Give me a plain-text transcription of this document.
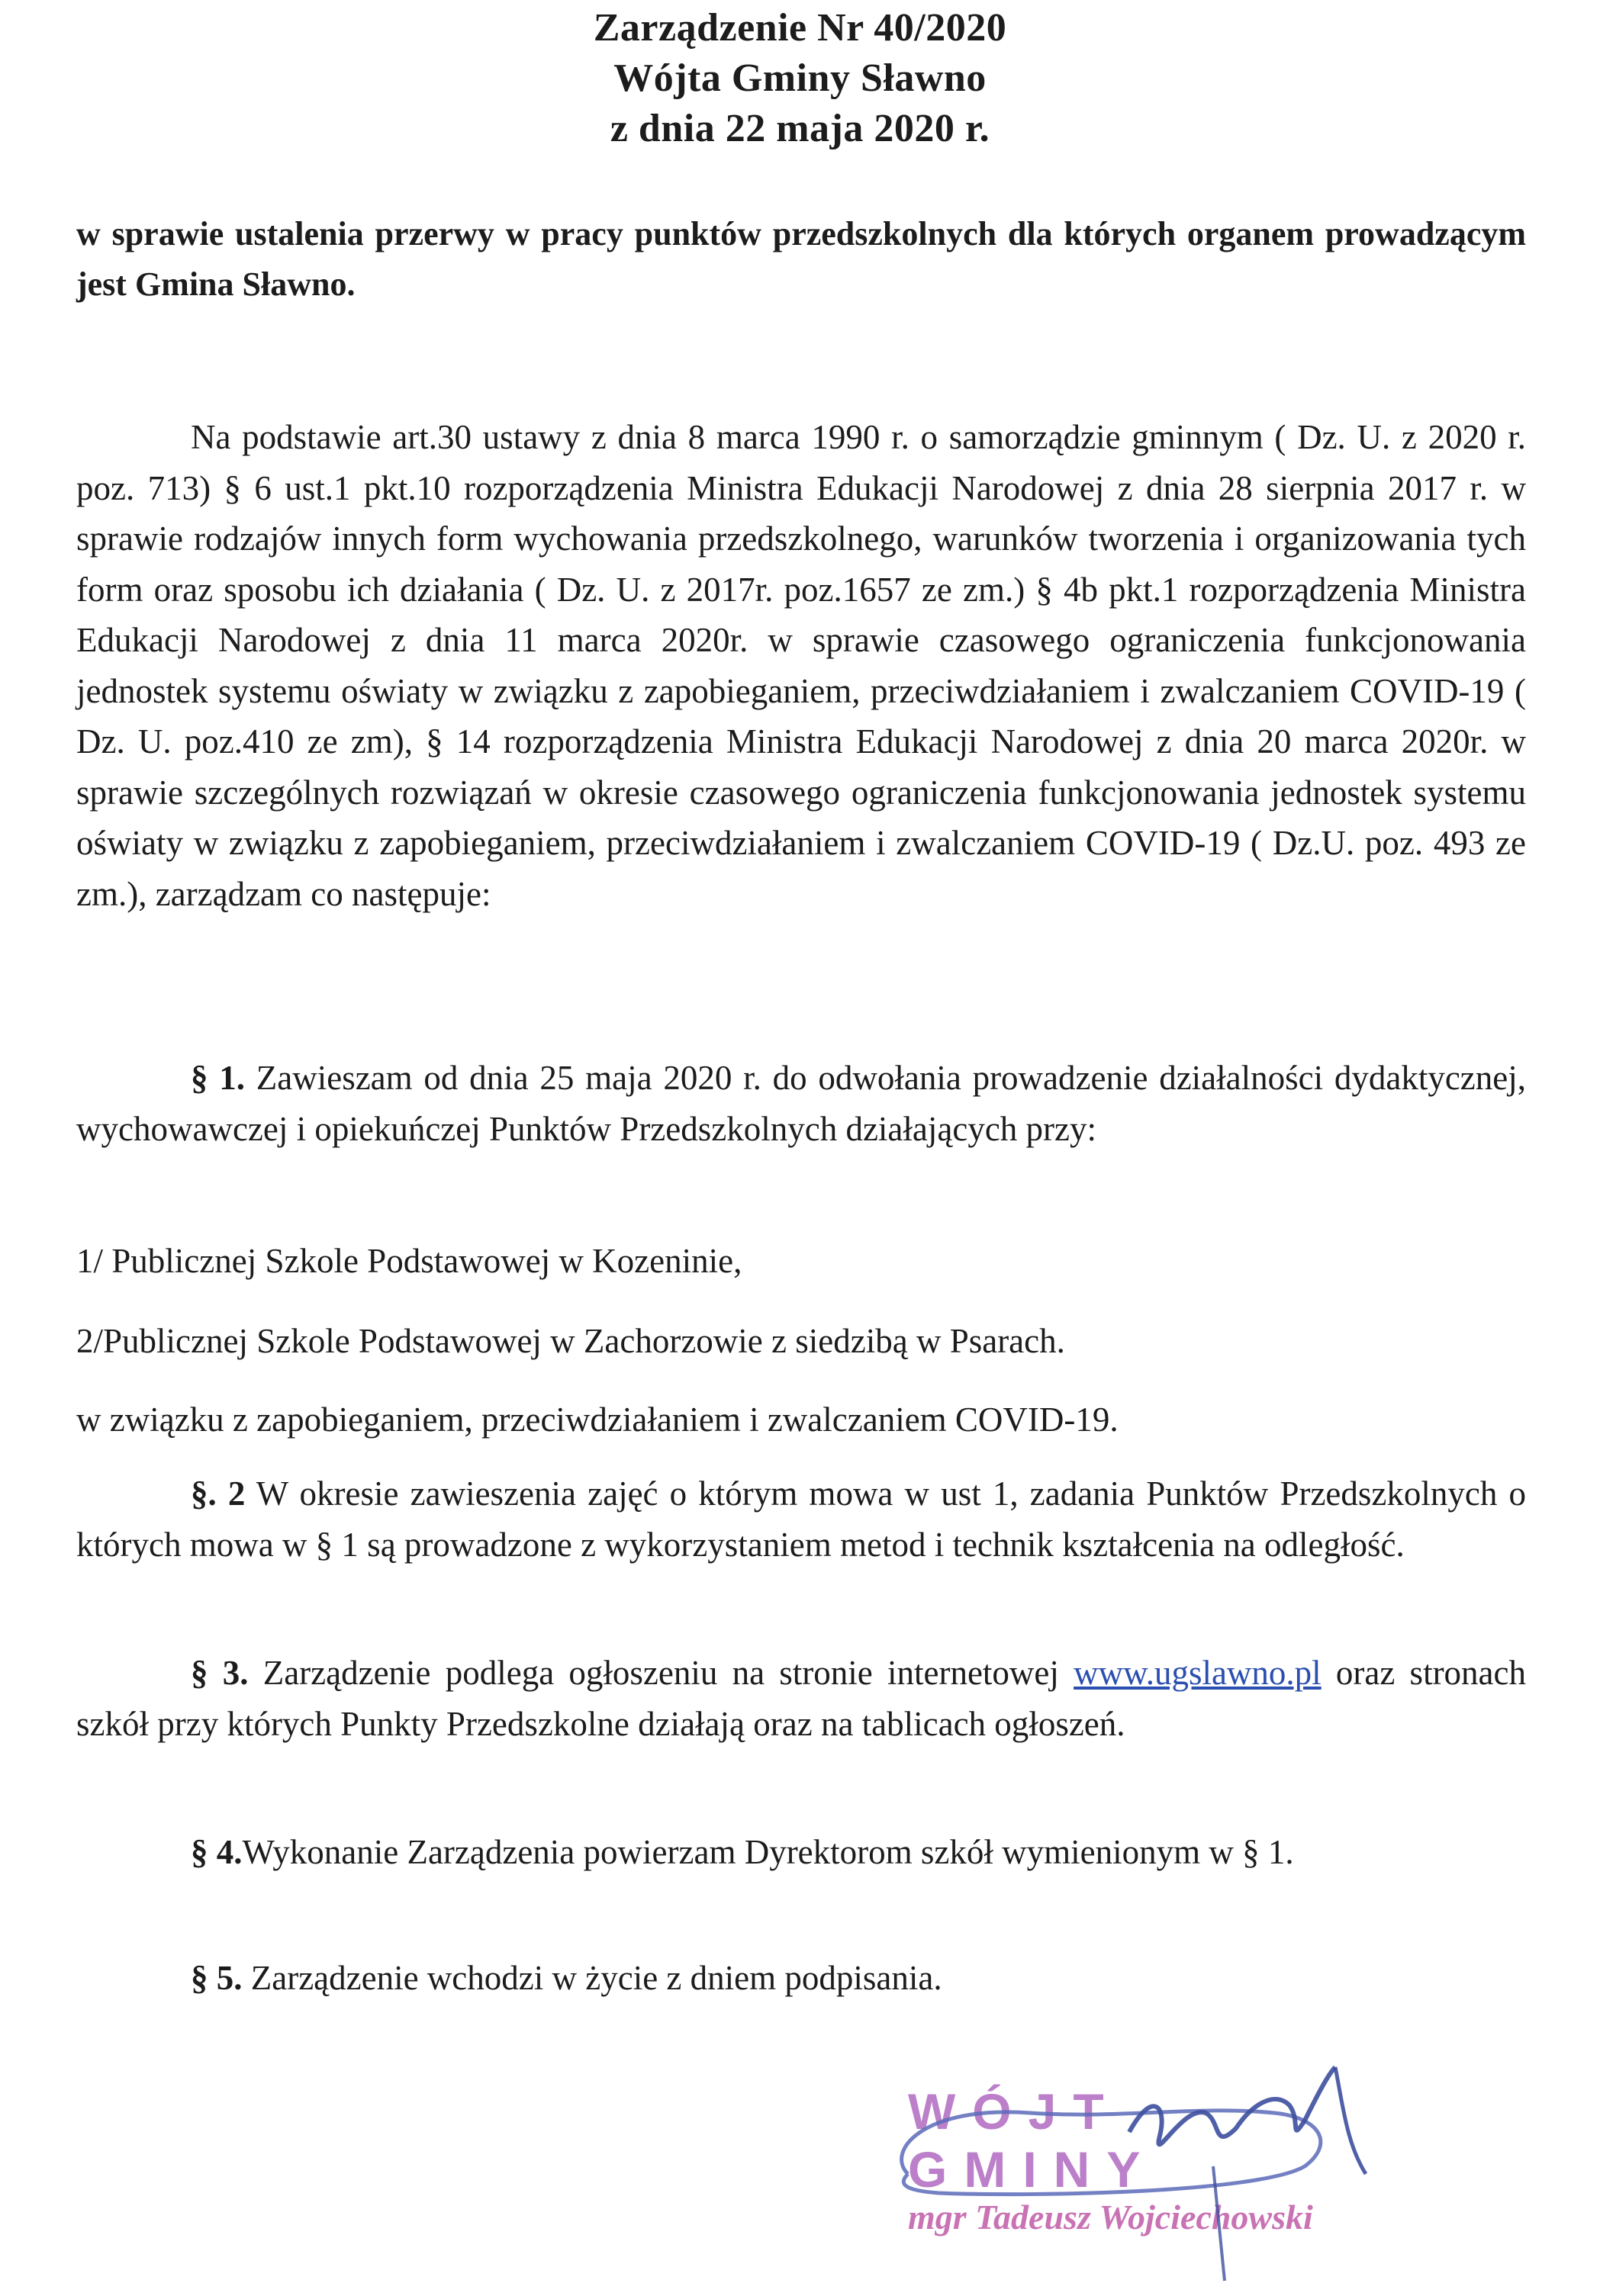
Zarządzenie Nr 40/2020
Wójta Gminy Sławno
z dnia 22 maja 2020 r.
w sprawie ustalenia przerwy w pracy punktów przedszkolnych dla których organem prowadzącym jest Gmina Sławno.
Na podstawie art.30 ustawy z dnia 8 marca 1990 r. o samorządzie gminnym ( Dz. U. z 2020 r. poz. 713) § 6 ust.1 pkt.10 rozporządzenia Ministra Edukacji Narodowej z dnia 28 sierpnia 2017 r. w sprawie rodzajów innych form wychowania przedszkolnego, warunków tworzenia i organizowania tych form oraz sposobu ich działania ( Dz. U. z 2017r. poz.1657 ze zm.) § 4b pkt.1 rozporządzenia Ministra Edukacji Narodowej z dnia 11 marca 2020r. w sprawie czasowego ograniczenia funkcjonowania jednostek systemu oświaty w związku z zapobieganiem, przeciwdziałaniem i zwalczaniem COVID-19 ( Dz. U. poz.410 ze zm), § 14 rozporządzenia Ministra Edukacji Narodowej z dnia 20 marca 2020r. w sprawie szczególnych rozwiązań w okresie czasowego ograniczenia funkcjonowania jednostek systemu oświaty w związku z zapobieganiem, przeciwdziałaniem i zwalczaniem COVID-19 ( Dz.U. poz. 493 ze zm.), zarządzam co następuje:
§ 1. Zawieszam od dnia 25 maja 2020 r. do odwołania prowadzenie działalności dydaktycznej, wychowawczej i opiekuńczej Punktów Przedszkolnych działających przy:
1/ Publicznej Szkole Podstawowej w Kozeninie,
2/Publicznej Szkole Podstawowej w Zachorzowie z siedzibą w Psarach.
w związku z zapobieganiem, przeciwdziałaniem i zwalczaniem COVID-19.
§. 2 W okresie zawieszenia zajęć o którym mowa w ust 1, zadania Punktów Przedszkolnych o których mowa w § 1 są prowadzone z wykorzystaniem metod i technik kształcenia na odległość.
§ 3. Zarządzenie podlega ogłoszeniu na stronie internetowej www.ugslawno.pl oraz stronach szkół przy których Punkty Przedszkolne działają oraz na tablicach ogłoszeń.
§ 4.Wykonanie Zarządzenia powierzam Dyrektorom szkół wymienionym w § 1.
§ 5. Zarządzenie wchodzi w życie z dniem podpisania.
WÓJT GMINY
mgr Tadeusz Wojciechowski
